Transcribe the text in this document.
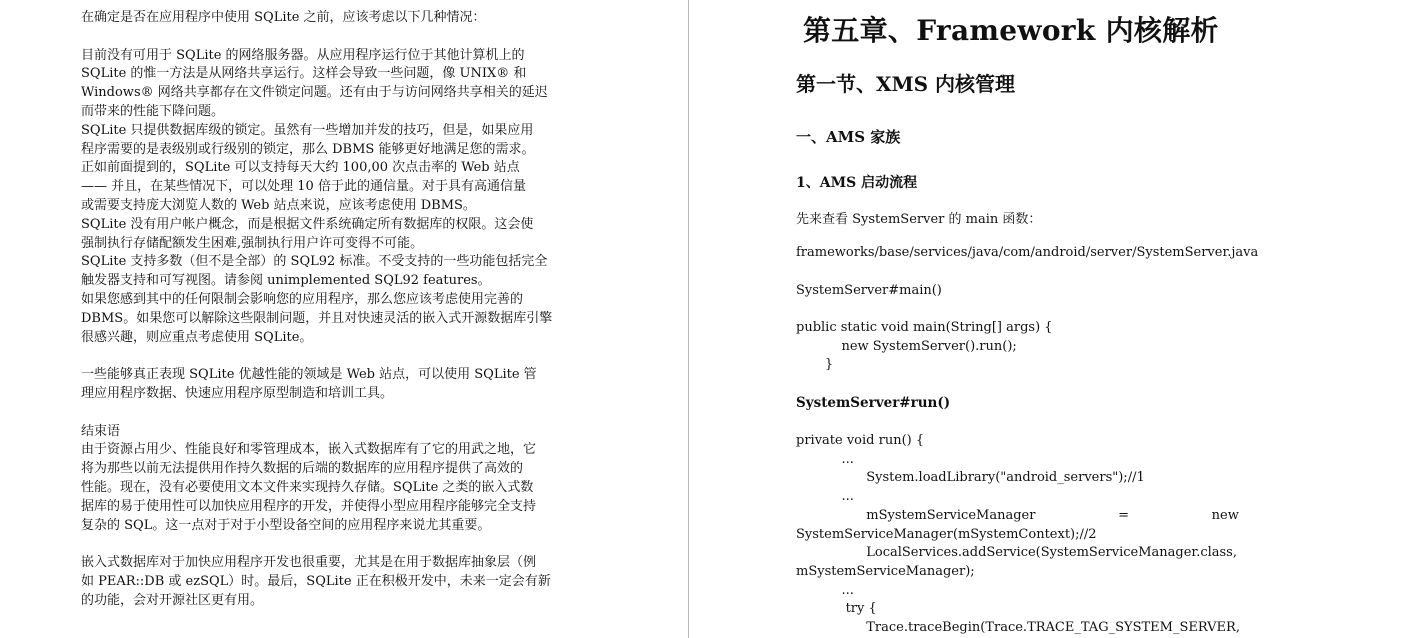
在确定是否在应用程序中使用 SQLite 之前，应该考虑以下几种情况：

目前没有可用于 SQLite 的网络服务器。从应用程序运行位于其他计算机上的
SQLite 的惟一方法是从网络共享运行。这样会导致一些问题，像 UNIX® 和
Windows® 网络共享都存在文件锁定问题。还有由于与访问网络共享相关的延迟
而带来的性能下降问题。

SQLite 只提供数据库级的锁定。虽然有一些增加并发的技巧，但是，如果应用
程序需要的是表级别或行级别的锁定，那么 DBMS 能够更好地满足您的需求。

正如前面提到的，SQLite 可以支持每天大约 100,00 次点击率的 Web 站点
—— 并且，在某些情况下，可以处理 10 倍于此的通信量。对于具有高通信量
或需要支持庞大浏览人数的 Web 站点来说，应该考虑使用 DBMS。

SQLite 没有用户帐户概念，而是根据文件系统确定所有数据库的权限。这会使
强制执行存储配额发生困难,强制执行用户许可变得不可能。

SQLite 支持多数（但不是全部）的 SQL92 标准。不受支持的一些功能包括完全
触发器支持和可写视图。请参阅 unimplemented SQL92 features。

如果您感到其中的任何限制会影响您的应用程序，那么您应该考虑使用完善的
DBMS。如果您可以解除这些限制问题，并且对快速灵活的嵌入式开源数据库引擎
很感兴趣，则应重点考虑使用 SQLite。

一些能够真正表现 SQLite 优越性能的领域是 Web 站点，可以使用 SQLite 管
理应用程序数据、快速应用程序原型制造和培训工具。

结束语

由于资源占用少、性能良好和零管理成本，嵌入式数据库有了它的用武之地，它
将为那些以前无法提供用作持久数据的后端的数据库的应用程序提供了高效的
性能。现在，没有必要使用文本文件来实现持久存储。SQLite 之类的嵌入式数
据库的易于使用性可以加快应用程序的开发，并使得小型应用程序能够完全支持
复杂的 SQL。这一点对于对于小型设备空间的应用程序来说尤其重要。

嵌入式数据库对于加快应用程序开发也很重要，尤其是在用于数据库抽象层（例
如 PEAR::DB 或 ezSQL）时。最后，SQLite 正在积极开发中，未来一定会有新
的功能，会对开源社区更有用。

第五章、Framework 内核解析
第一节、XMS 内核管理
一、AMS 家族
1、AMS 启动流程

先来查看 SystemServer 的 main 函数：

frameworks/base/services/java/com/android/server/SystemServer.java

SystemServer#main()

public static void main(String[] args) {
new SystemServer().run();
}

SystemServer#run()

private void run() {
...
System.loadLibrary("android_servers");//1
...
mSystemServiceManager                    =                    new
SystemServiceManager(mSystemContext);//2
LocalServices.addService(SystemServiceManager.class,
mSystemServiceManager);
...
try {
Trace.traceBegin(Trace.TRACE_TAG_SYSTEM_SERVER,
